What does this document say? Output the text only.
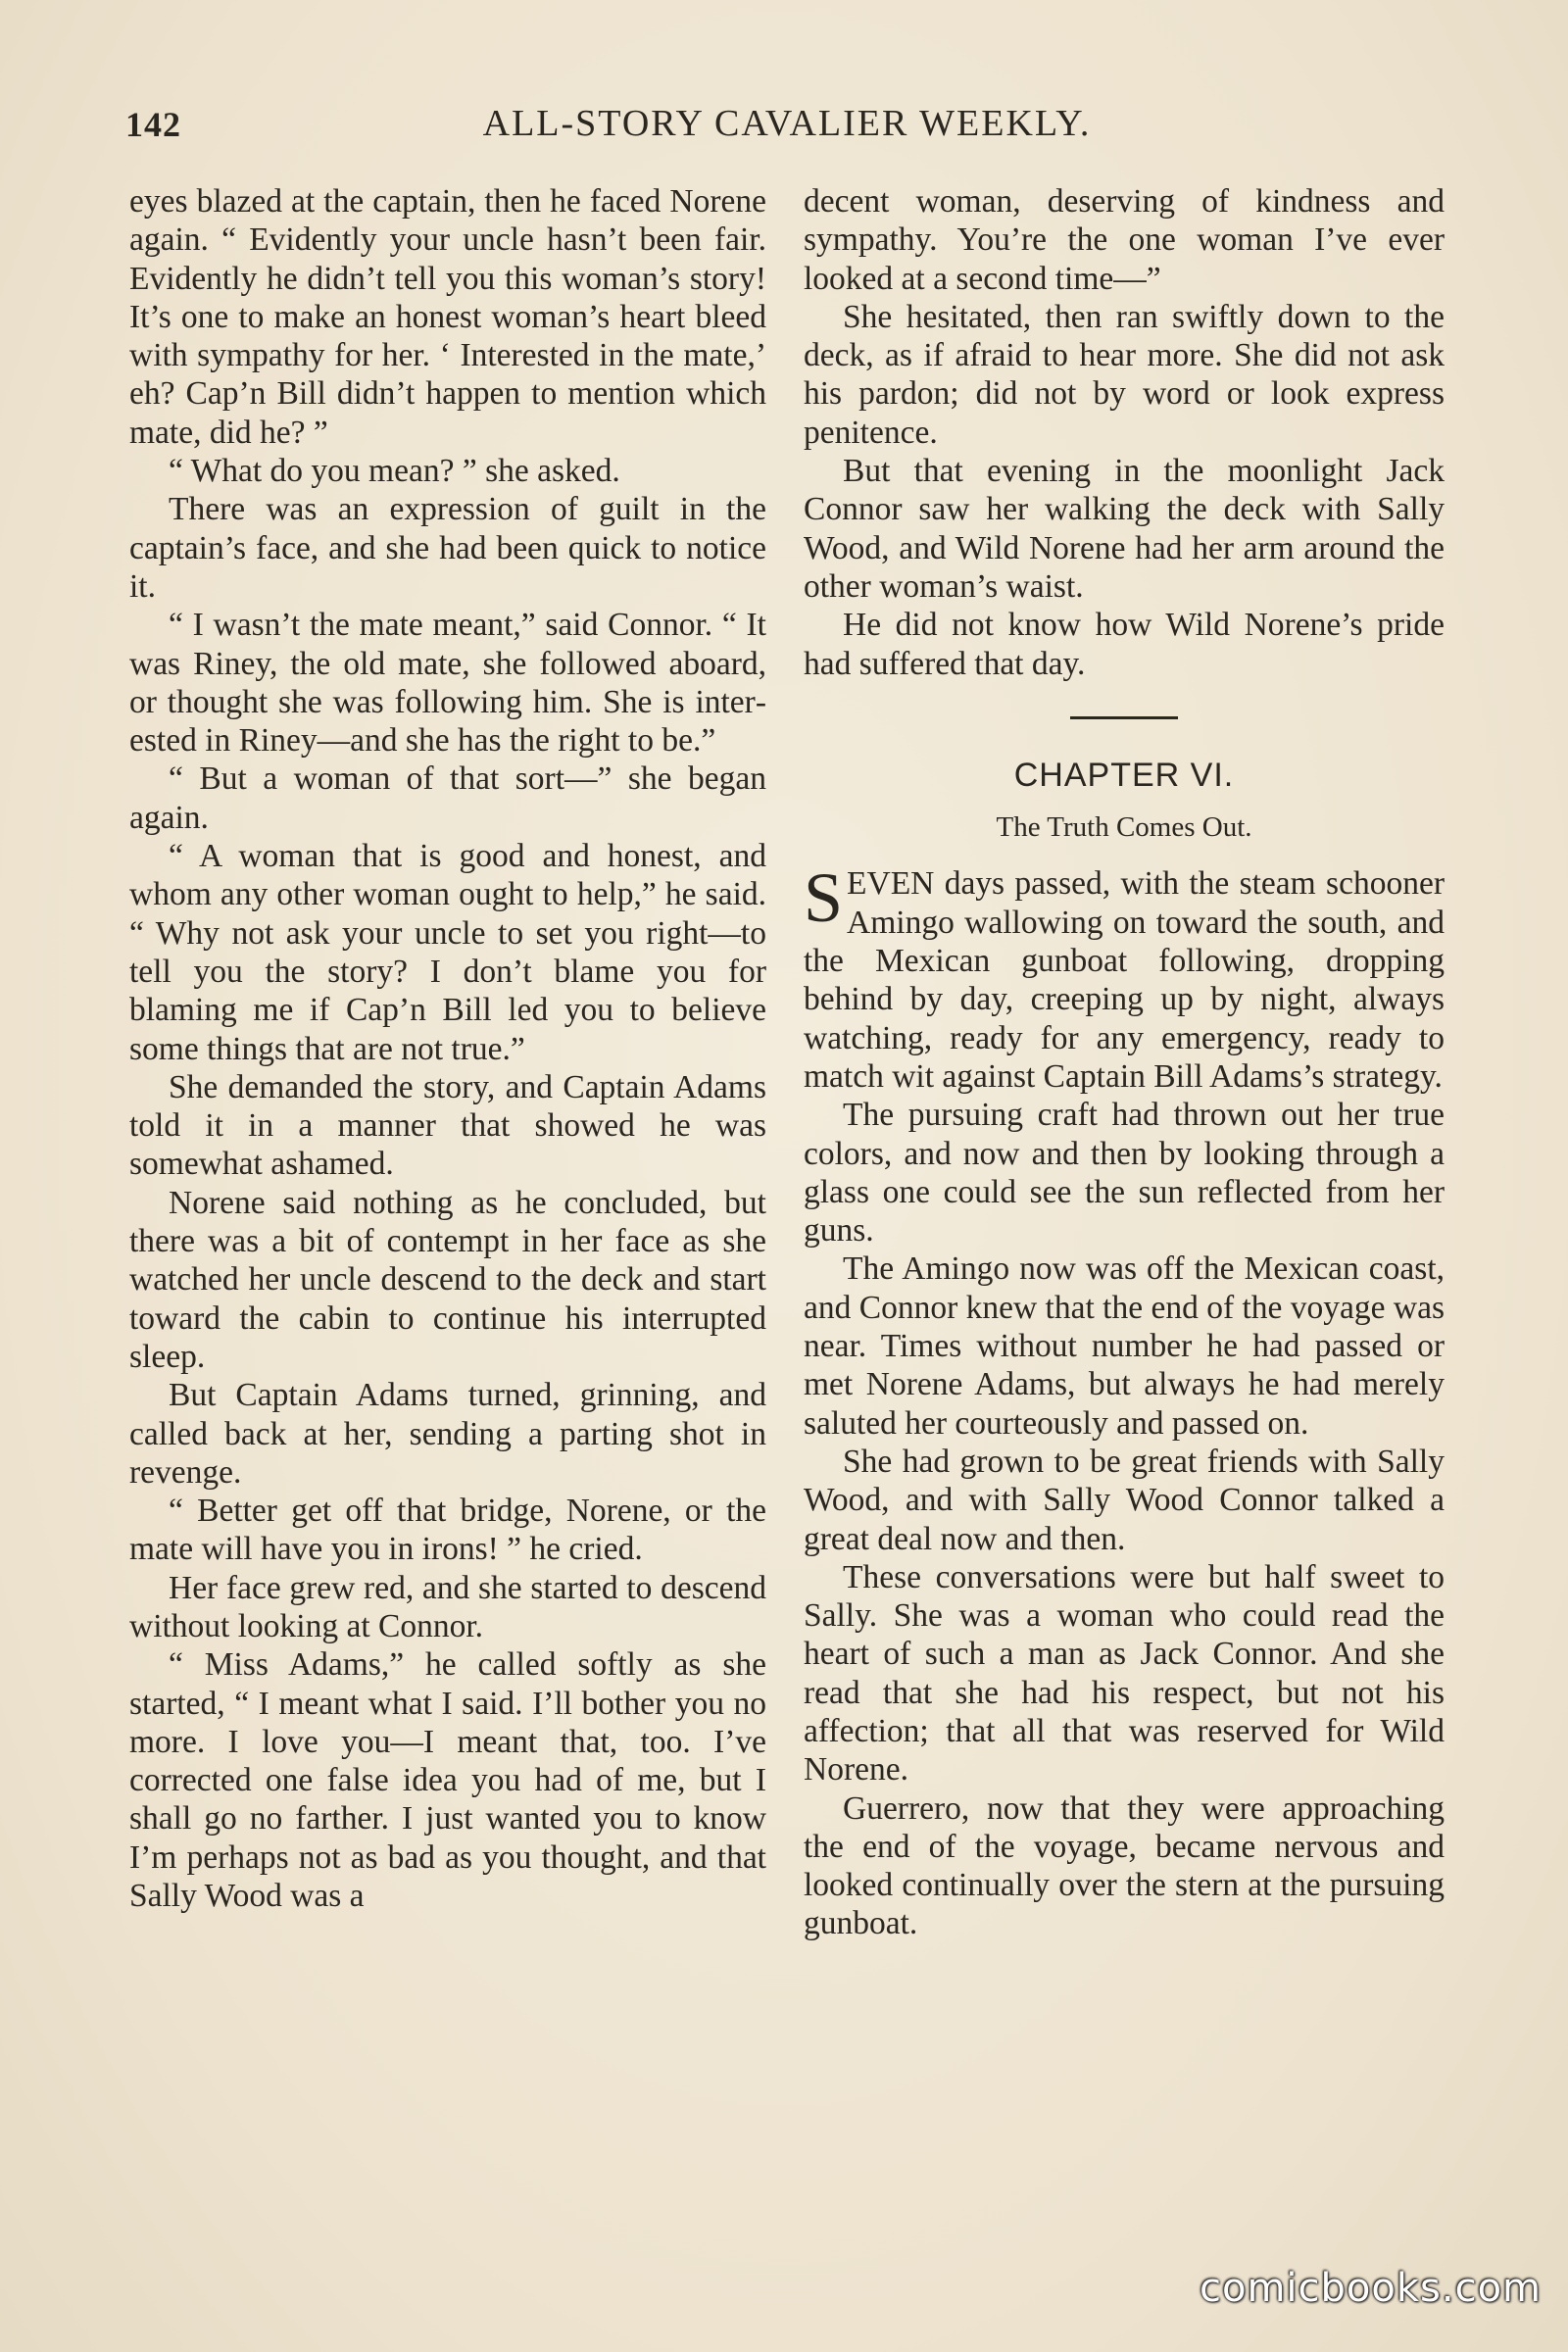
142	ALL-STORY CAVALIER WEEKLY.

eyes blazed at the captain, then he faced Norene again. “ Evidently your uncle hasn’t been fair. Evidently he didn’t tell you this woman’s story! It’s one to make an honest woman’s heart bleed with sympathy for her. ‘ Interested in the mate,’ eh? Cap’n Bill didn’t happen to mention which mate, did he? ”

“ What do you mean? ” she asked.

There was an expression of guilt in the captain’s face, and she had been quick to notice it.

“ I wasn’t the mate meant,” said Connor. “ It was Riney, the old mate, she followed aboard, or thought she was following him. She is interested in Riney—and she has the right to be.”

“ But a woman of that sort—” she began again.

“ A woman that is good and honest, and whom any other woman ought to help,” he said. “ Why not ask your uncle to set you right—to tell you the story? I don’t blame you for blaming me if Cap’n Bill led you to believe some things that are not true.”

She demanded the story, and Captain Adams told it in a manner that showed he was somewhat ashamed.

Norene said nothing as he concluded, but there was a bit of contempt in her face as she watched her uncle descend to the deck and start toward the cabin to continue his interrupted sleep.

But Captain Adams turned, grinning, and called back at her, sending a parting shot in revenge.

“ Better get off that bridge, Norene, or the mate will have you in irons! ” he cried.

Her face grew red, and she started to descend without looking at Connor.

“ Miss Adams,” he called softly as she started, “ I meant what I said. I’ll bother you no more. I love you—I meant that, too. I’ve corrected one false idea you had of me, but I shall go no farther. I just wanted you to know I’m perhaps not as bad as you thought, and that Sally Wood was a

decent woman, deserving of kindness and sympathy. You’re the one woman I’ve ever looked at a second time—”

She hesitated, then ran swiftly down to the deck, as if afraid to hear more. She did not ask his pardon; did not by word or look express penitence.

But that evening in the moonlight Jack Connor saw her walking the deck with Sally Wood, and Wild Norene had her arm around the other woman’s waist.

He did not know how Wild Norene’s pride had suffered that day.

CHAPTER VI.
The Truth Comes Out.

SEVEN days passed, with the steam schooner Amingo wallowing on toward the south, and the Mexican gunboat following, dropping behind by day, creeping up by night, always watching, ready for any emergency, ready to match wit against Captain Bill Adams’s strategy.

The pursuing craft had thrown out her true colors, and now and then by looking through a glass one could see the sun reflected from her guns.

The Amingo now was off the Mexican coast, and Connor knew that the end of the voyage was near. Times without number he had passed or met Norene Adams, but always he had merely saluted her courteously and passed on.

She had grown to be great friends with Sally Wood, and with Sally Wood Connor talked a great deal now and then.

These conversations were but half sweet to Sally. She was a woman who could read the heart of such a man as Jack Connor. And she read that she had his respect, but not his affection; that all that was reserved for Wild Norene.

Guerrero, now that they were approaching the end of the voyage, became nervous and looked continually over the stern at the pursuing gunboat.

comicbooks.com
